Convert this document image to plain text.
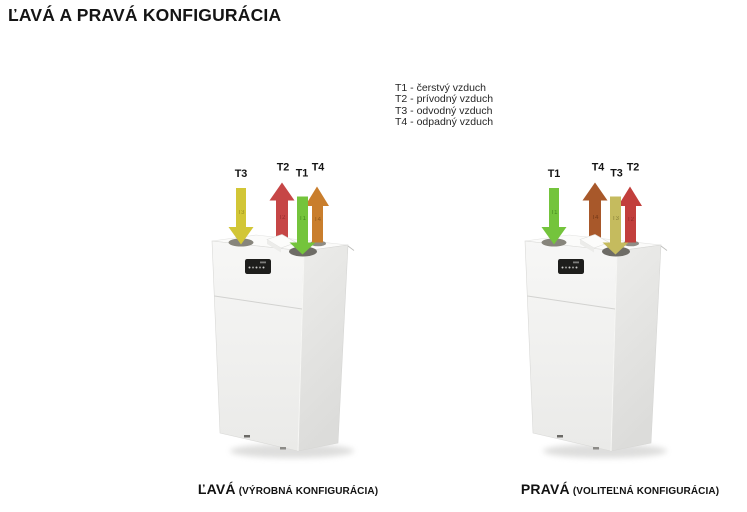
ĽAVÁ A PRAVÁ KONFIGURÁCIA
T1 - čerstvý vzduch
T2 - prívodný vzduch
T3 - odvodný vzduch
T4 - odpadný vzduch
T3
T2 T1 T4
T3
T2 T1 T4
T1
T4 T3 T2
T1
T4 T3 T2
ĽAVÁ (VÝROBNÁ KONFIGURÁCIA)	PRAVÁ (VOLITEĽNÁ KONFIGURÁCIA)
